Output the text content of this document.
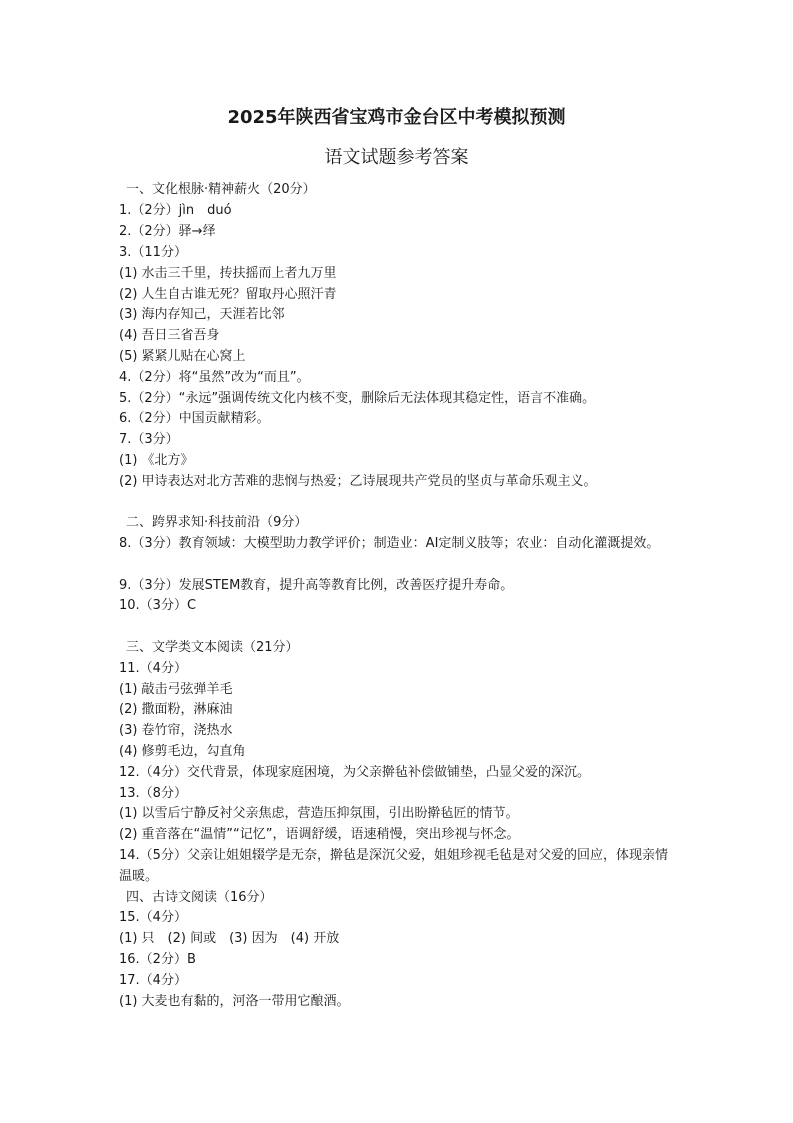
2025年陕西省宝鸡市金台区中考模拟预测
语文试题参考答案
一、文化根脉·精神薪火（20分）
1.（2分）jìn　duó
2.（2分）驿→绎
3.（11分）
(1) 水击三千里，抟扶摇而上者九万里
(2) 人生自古谁无死？留取丹心照汗青
(3) 海内存知己，天涯若比邻
(4) 吾日三省吾身
(5) 紧紧儿贴在心窝上
4.（2分）将“虽然”改为“而且”。
5.（2分）“永远”强调传统文化内核不变，删除后无法体现其稳定性，语言不准确。
6.（2分）中国贡献精彩。
7.（3分）
(1) 《北方》
(2) 甲诗表达对北方苦难的悲悯与热爱；乙诗展现共产党员的坚贞与革命乐观主义。
二、跨界求知·科技前沿（9分）
8.（3分）教育领域：大模型助力教学评价；制造业：AI定制义肢等；农业：自动化灌溉提效。
9.（3分）发展STEM教育，提升高等教育比例，改善医疗提升寿命。
10.（3分）C
三、文学类文本阅读（21分）
11.（4分）
(1) 敲击弓弦弹羊毛
(2) 撒面粉，淋麻油
(3) 卷竹帘，浇热水
(4) 修剪毛边，勾直角
12.（4分）交代背景，体现家庭困境，为父亲擀毡补偿做铺垫，凸显父爱的深沉。
13.（8分）
(1) 以雪后宁静反衬父亲焦虑，营造压抑氛围，引出盼擀毡匠的情节。
(2) 重音落在“温情”“记忆”，语调舒缓，语速稍慢，突出珍视与怀念。
14.（5分）父亲让姐姐辍学是无奈，擀毡是深沉父爱，姐姐珍视毛毡是对父爱的回应，体现亲情温暖。
四、古诗文阅读（16分）
15.（4分）
(1) 只　(2) 间或　(3) 因为　(4) 开放
16.（2分）B
17.（4分）
(1) 大麦也有黏的，河洛一带用它酿酒。
